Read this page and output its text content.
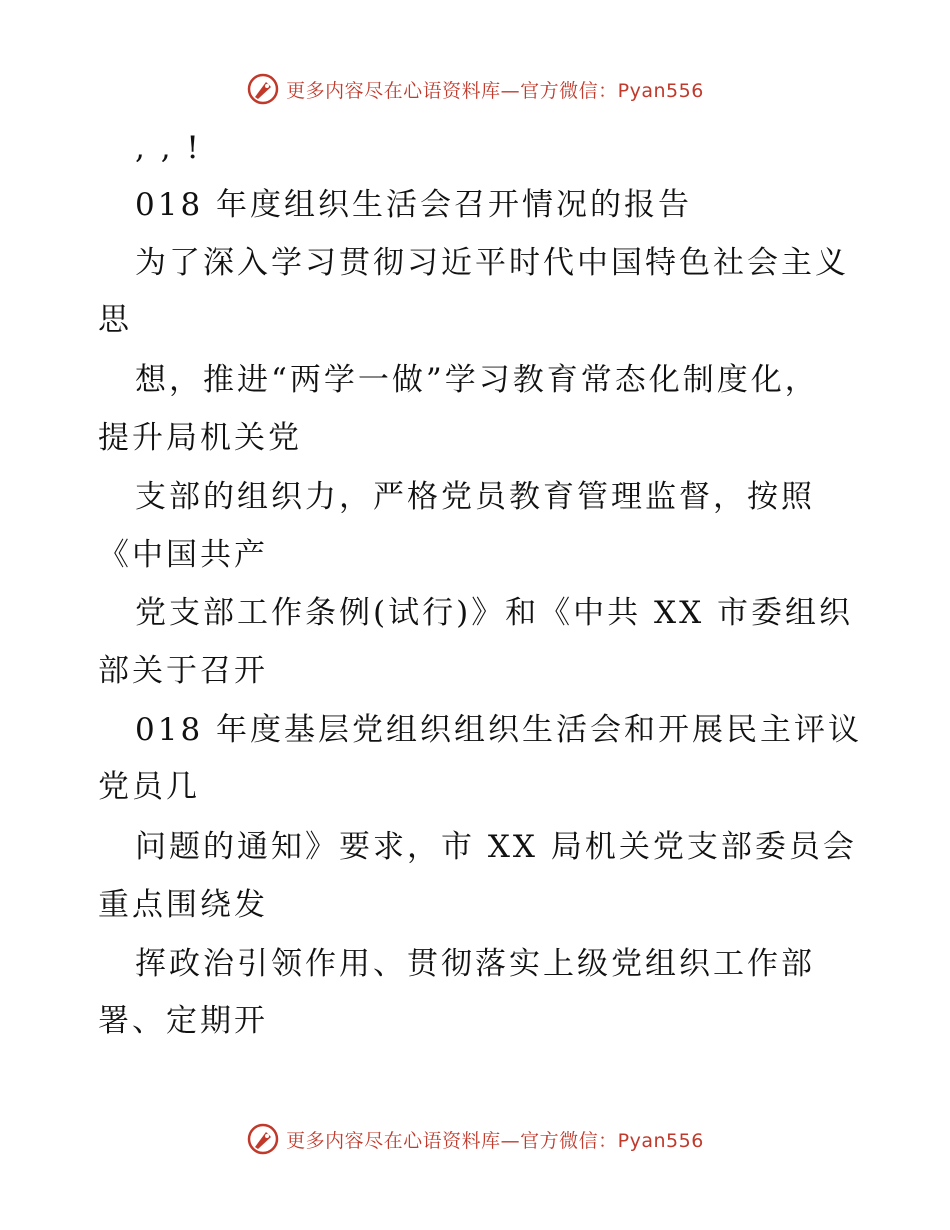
更多内容尽在心语资料库—官方微信：Pyan556
, , !
018 年度组织生活会召开情况的报告
为了深入学习贯彻习近平时代中国特色社会主义
思
想，推进“两学一做”学习教育常态化制度化，
提升局机关党
支部的组织力，严格党员教育管理监督，按照
《中国共产
党支部工作条例(试行)》和《中共 XX 市委组织
部关于召开
018 年度基层党组织组织生活会和开展民主评议
党员几
问题的通知》要求，市 XX 局机关党支部委员会
重点围绕发
挥政治引领作用、贯彻落实上级党组织工作部
署、定期开
更多内容尽在心语资料库—官方微信：Pyan556
